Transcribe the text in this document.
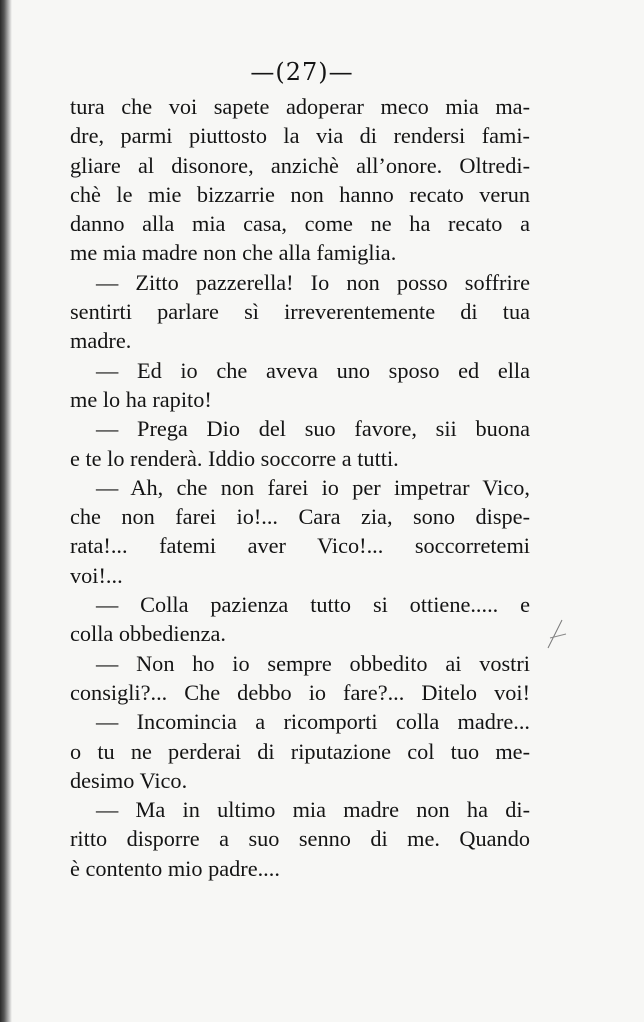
—(27)—
tura che voi sapete adoperar meco mia ma-
dre, parmi piuttosto la via di rendersi fami-
gliare al disonore, anzichè all’onore. Oltredi-
chè le mie bizzarrie non hanno recato verun
danno alla mia casa, come ne ha recato a
me mia madre non che alla famiglia.
— Zitto pazzerella! Io non posso soffrire
sentirti parlare sì irreverentemente di tua
madre.
— Ed io che aveva uno sposo ed ella
me lo ha rapito!
— Prega Dio del suo favore, sii buona
e te lo renderà. Iddio soccorre a tutti.
— Ah, che non farei io per impetrar Vico,
che non farei io!... Cara zia, sono dispe-
rata!... fatemi aver Vico!... soccorretemi
voi!...
— Colla pazienza tutto si ottiene..... e
colla obbedienza.
— Non ho io sempre obbedito ai vostri
consigli?... Che debbo io fare?... Ditelo voi!
— Incomincia a ricomporti colla madre...
o tu ne perderai di riputazione col tuo me-
desimo Vico.
— Ma in ultimo mia madre non ha di-
ritto disporre a suo senno di me. Quando
è contento mio padre....
